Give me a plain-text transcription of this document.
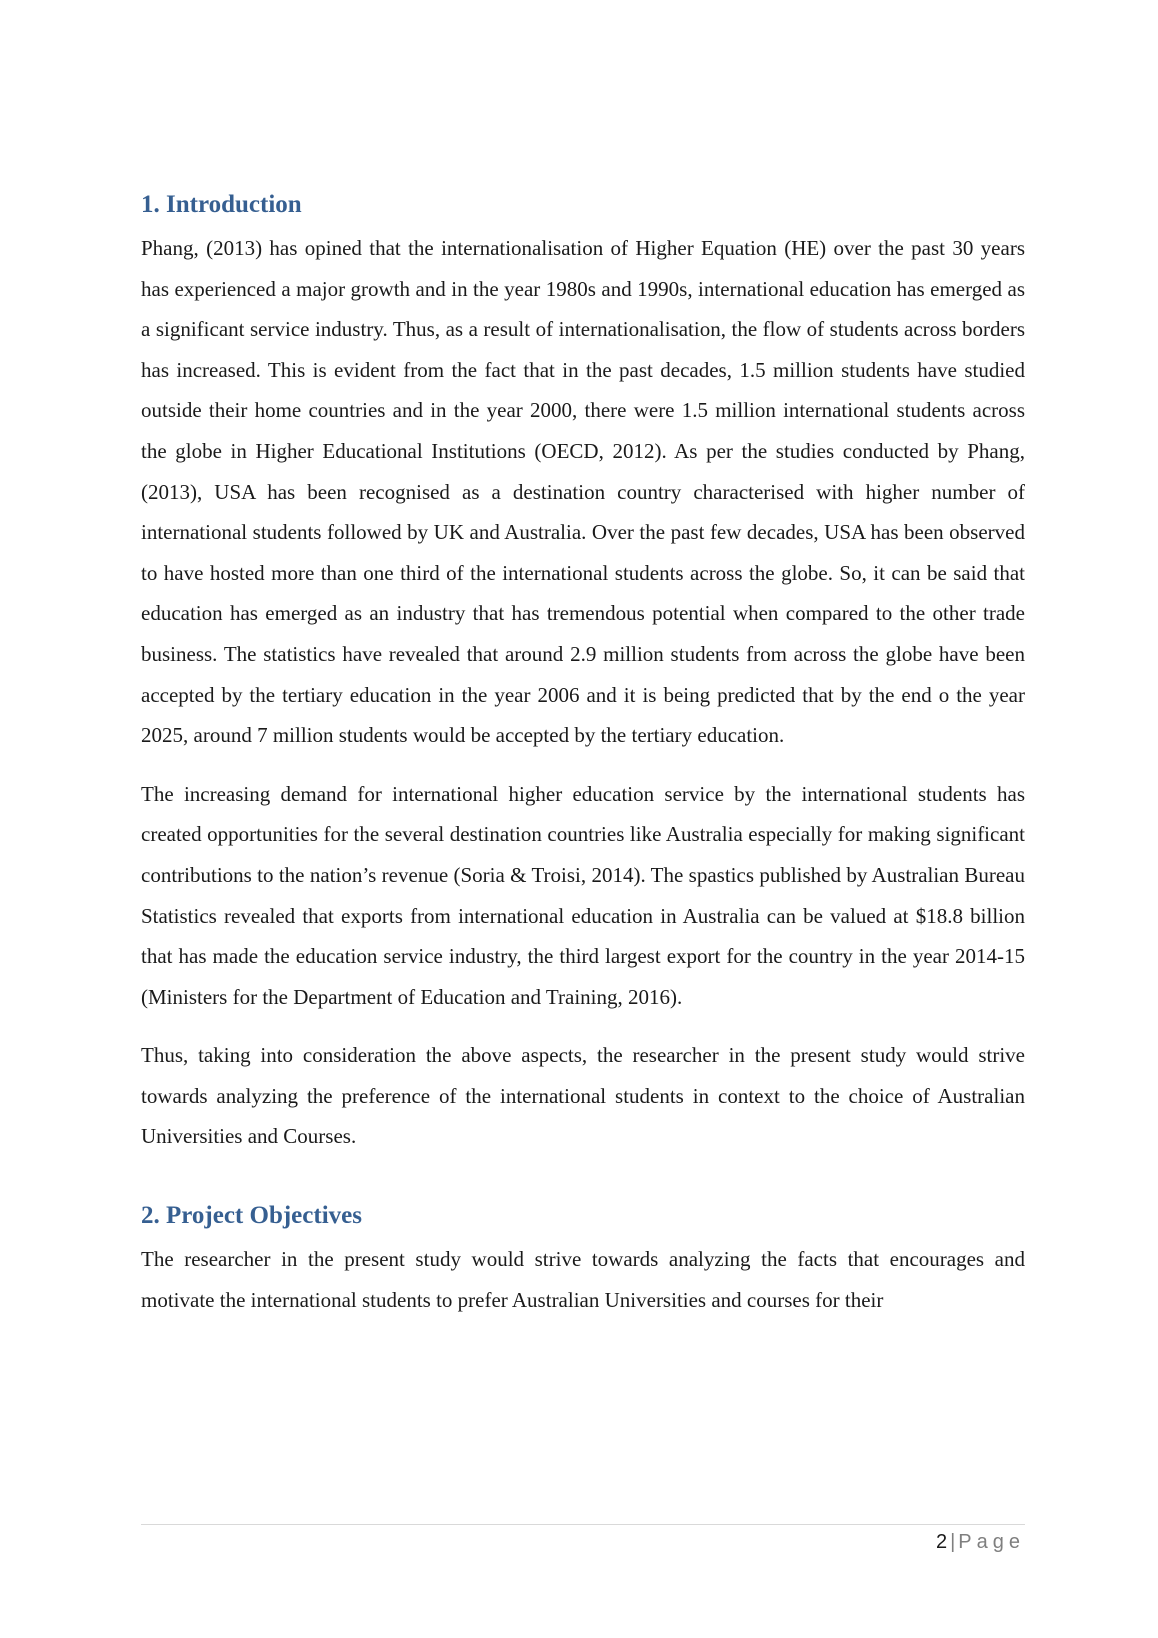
1. Introduction

Phang, (2013) has opined that the internationalisation of Higher Equation (HE) over the past 30 years has experienced a major growth and in the year 1980s and 1990s, international education has emerged as a significant service industry. Thus, as a result of internationalisation, the flow of students across borders has increased. This is evident from the fact that in the past decades, 1.5 million students have studied outside their home countries and in the year 2000, there were 1.5 million international students across the globe in Higher Educational Institutions (OECD, 2012). As per the studies conducted by Phang, (2013), USA has been recognised as a destination country characterised with higher number of international students followed by UK and Australia. Over the past few decades, USA has been observed to have hosted more than one third of the international students across the globe. So, it can be said that education has emerged as an industry that has tremendous potential when compared to the other trade business. The statistics have revealed that around 2.9 million students from across the globe have been accepted by the tertiary education in the year 2006 and it is being predicted that by the end o the year 2025, around 7 million students would be accepted by the tertiary education.

The increasing demand for international higher education service by the international students has created opportunities for the several destination countries like Australia especially for making significant contributions to the nation’s revenue (Soria & Troisi, 2014). The spastics published by Australian Bureau Statistics revealed that exports from international education in Australia can be valued at $18.8 billion that has made the education service industry, the third largest export for the country in the year 2014-15 (Ministers for the Department of Education and Training, 2016).

Thus, taking into consideration the above aspects, the researcher in the present study would strive towards analyzing the preference of the international students in context to the choice of Australian Universities and Courses.

2. Project Objectives

The researcher in the present study would strive towards analyzing the facts that encourages and motivate the international students to prefer Australian Universities and courses for their

2 | Page
